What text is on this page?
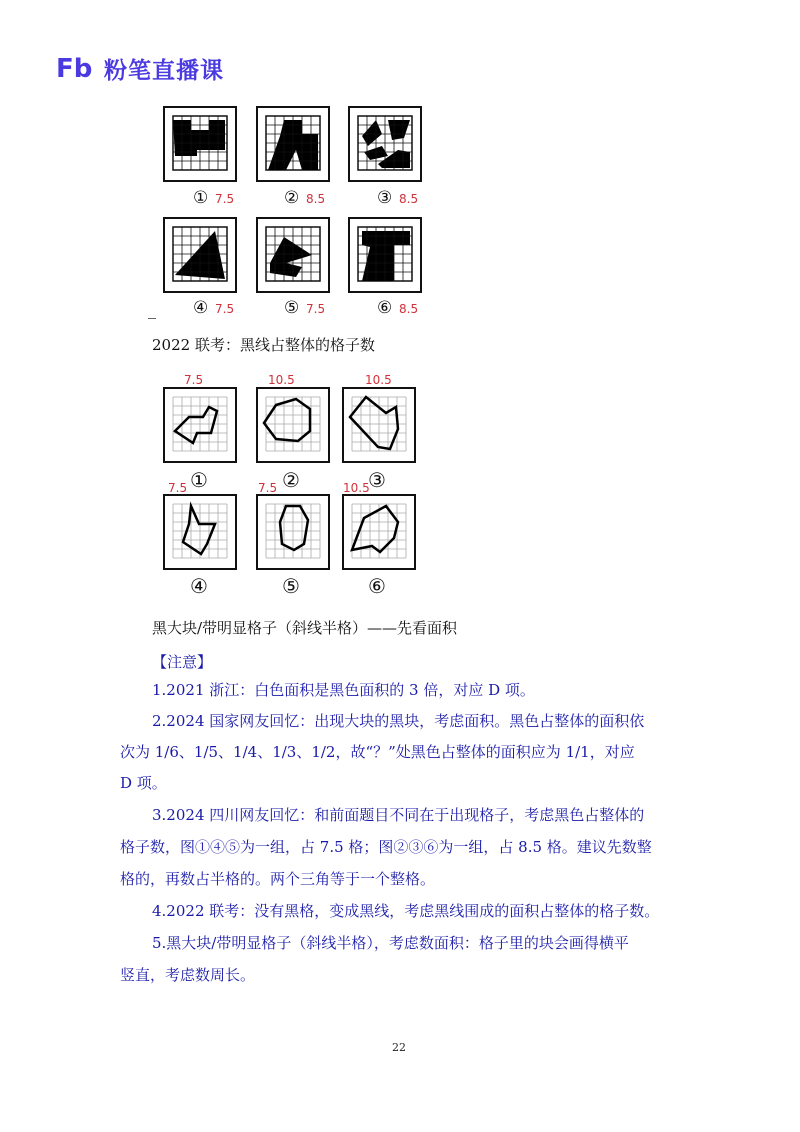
Fb 粉笔直播课
① 7.5	② 8.5	③ 8.5
④ 7.5	⑤ 7.5	⑥ 8.5
2022 联考：黑线占整体的格子数
7.5	10.5	10.5
①	②	③
7.5	7.5	10.5
④	⑤	⑥
黑大块/带明显格子（斜线半格）——先看面积
【注意】
1.2021 浙江：白色面积是黑色面积的 3 倍，对应 D 项。
2.2024 国家网友回忆：出现大块的黑块，考虑面积。黑色占整体的面积依
次为 1/6、1/5、1/4、1/3、1/2，故“？”处黑色占整体的面积应为 1/1，对应
D 项。
3.2024 四川网友回忆：和前面题目不同在于出现格子，考虑黑色占整体的
格子数，图①④⑤为一组，占 7.5 格；图②③⑥为一组，占 8.5 格。建议先数整
格的，再数占半格的。两个三角等于一个整格。
4.2022 联考：没有黑格，变成黑线，考虑黑线围成的面积占整体的格子数。
5.黑大块/带明显格子（斜线半格），考虑数面积：格子里的块会画得横平
竖直，考虑数周长。
22
